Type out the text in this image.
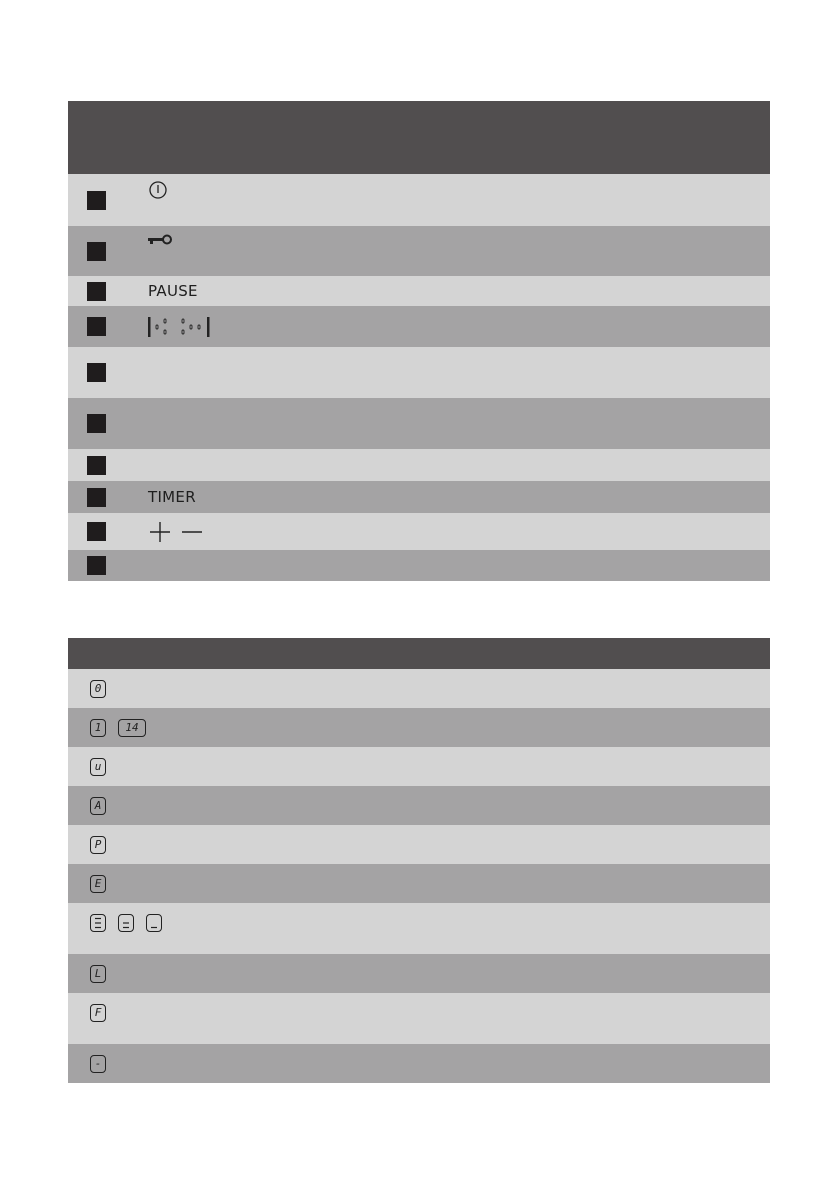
	PAUSE		

	TIMER		

0	
1 14	
u	
A	
P	
E	

L	
F	
-	
